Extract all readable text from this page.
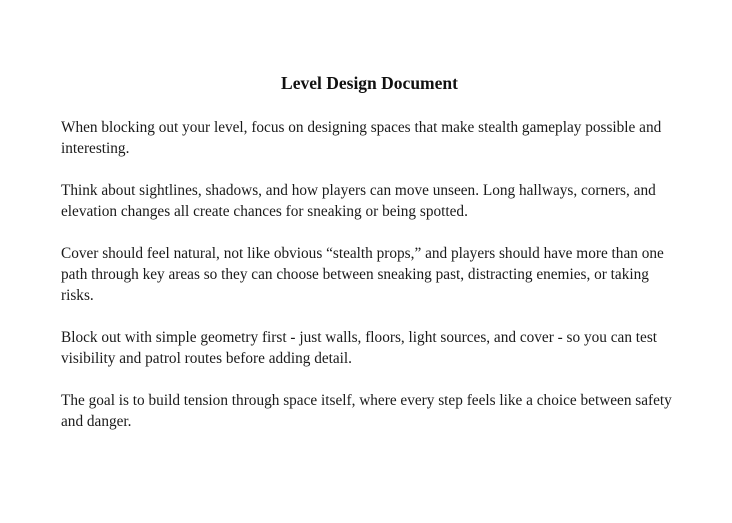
Level Design Document

When blocking out your level, focus on designing spaces that make stealth gameplay possible and interesting.

Think about sightlines, shadows, and how players can move unseen. Long hallways, corners, and elevation changes all create chances for sneaking or being spotted.

Cover should feel natural, not like obvious “stealth props,” and players should have more than one path through key areas so they can choose between sneaking past, distracting enemies, or taking risks.

Block out with simple geometry first - just walls, floors, light sources, and cover - so you can test visibility and patrol routes before adding detail.

The goal is to build tension through space itself, where every step feels like a choice between safety and danger.
